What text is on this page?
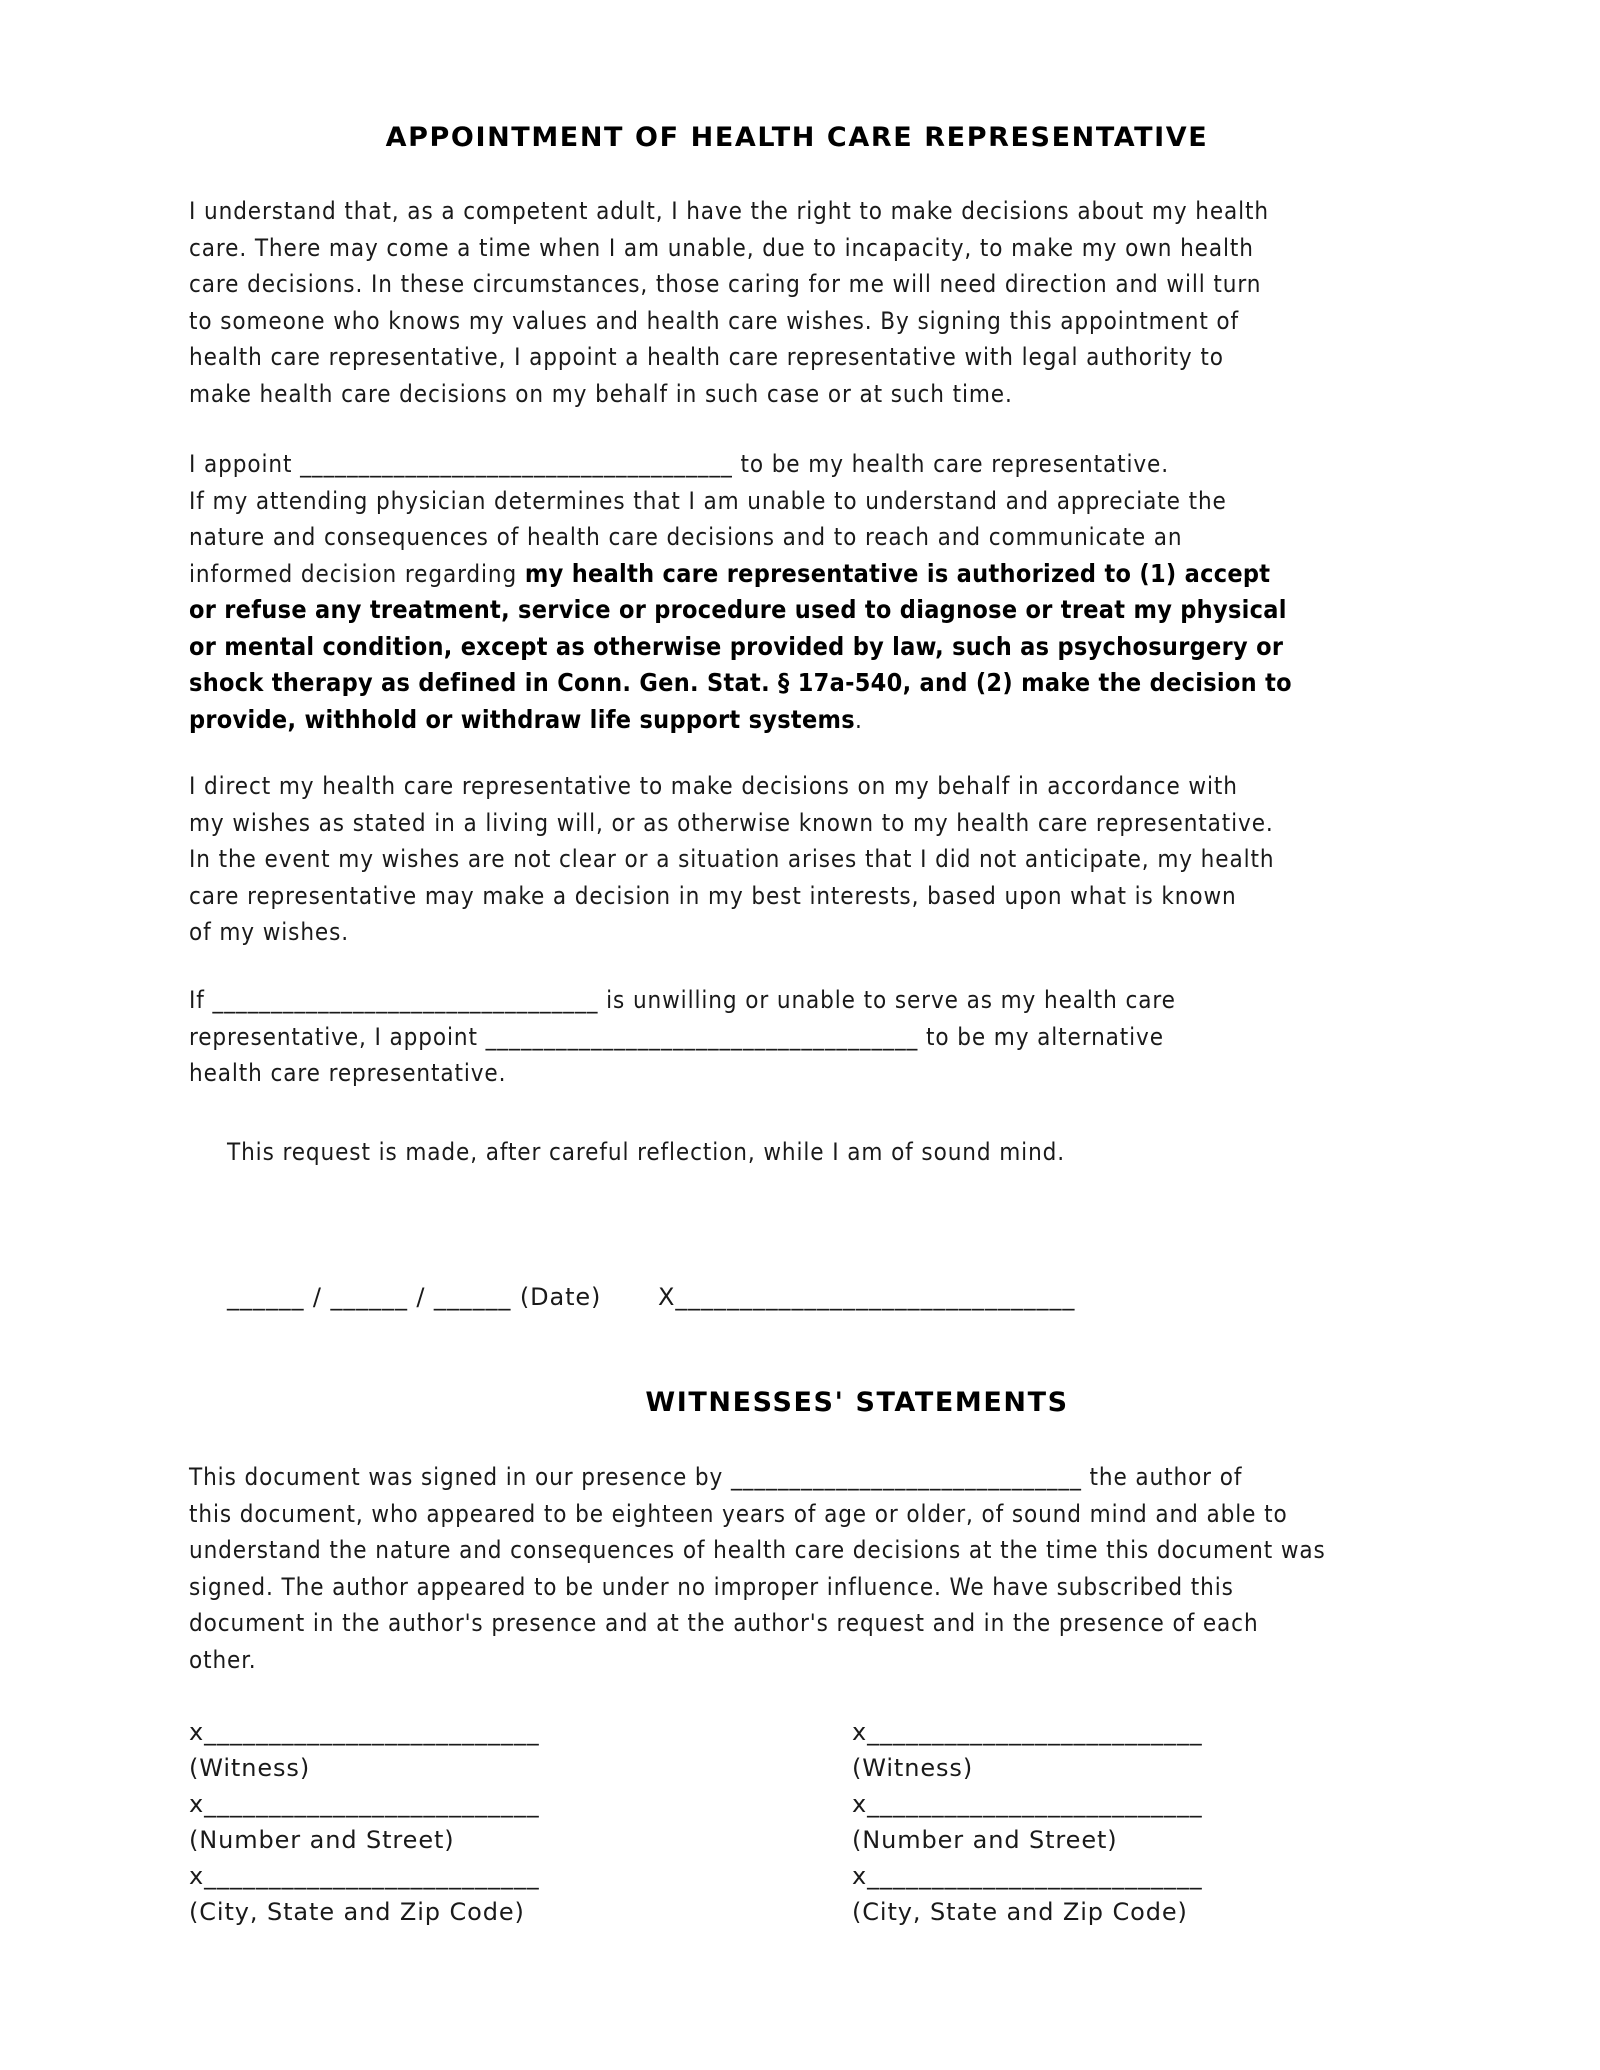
APPOINTMENT OF HEALTH CARE REPRESENTATIVE
I understand that, as a competent adult, I have the right to make decisions about my health
care. There may come a time when I am unable, due to incapacity, to make my own health
care decisions. In these circumstances, those caring for me will need direction and will turn
to someone who knows my values and health care wishes. By signing this appointment of
health care representative, I appoint a health care representative with legal authority to
make health care decisions on my behalf in such case or at such time.
I appoint _____________________________________ to be my health care representative.
If my attending physician determines that I am unable to understand and appreciate the
nature and consequences of health care decisions and to reach and communicate an
informed decision regarding my health care representative is authorized to (1) accept
or refuse any treatment, service or procedure used to diagnose or treat my physical
or mental condition, except as otherwise provided by law, such as psychosurgery or
shock therapy as defined in Conn. Gen. Stat. § 17a-540, and (2) make the decision to
provide, withhold or withdraw life support systems.
I direct my health care representative to make decisions on my behalf in accordance with
my wishes as stated in a living will, or as otherwise known to my health care representative.
In the event my wishes are not clear or a situation arises that I did not anticipate, my health
care representative may make a decision in my best interests, based upon what is known
of my wishes.
If _________________________________ is unwilling or unable to serve as my health care
representative, I appoint _____________________________________ to be my alternative
health care representative.
This request is made, after careful reflection, while I am of sound mind.
______ / ______ / ______ (Date) X_______________________________
WITNESSES' STATEMENTS
This document was signed in our presence by ______________________________ the author of
this document, who appeared to be eighteen years of age or older, of sound mind and able to
understand the nature and consequences of health care decisions at the time this document was
signed. The author appeared to be under no improper influence. We have subscribed this
document in the author's presence and at the author's request and in the presence of each
other.
x__________________________
(Witness)
x__________________________
(Number and Street)
x__________________________
(City, State and Zip Code)
x__________________________
(Witness)
x__________________________
(Number and Street)
x__________________________
(City, State and Zip Code)
